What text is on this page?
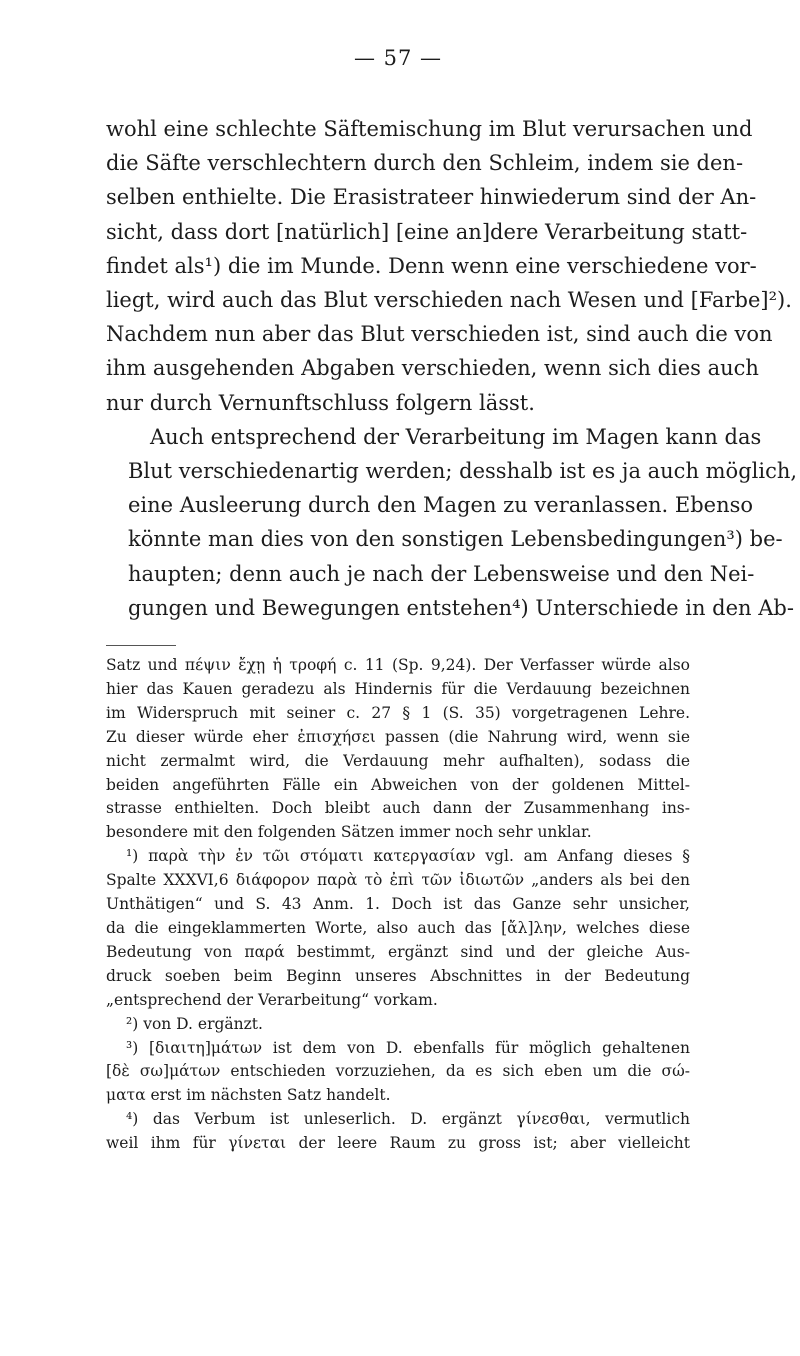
— 57 —

wohl eine schlechte Säftemischung im Blut verursachen und
die Säfte verschlechtern durch den Schleim, indem sie den-
selben enthielte. Die Erasistrateer hinwiederum sind der An-
sicht, dass dort [natürlich] [eine an]dere Verarbeitung statt-
findet als¹) die im Munde. Denn wenn eine verschiedene vor-
liegt, wird auch das Blut verschieden nach Wesen und [Farbe]²).
Nachdem nun aber das Blut verschieden ist, sind auch die von
ihm ausgehenden Abgaben verschieden, wenn sich dies auch
nur durch Vernunftschluss folgern lässt.

Auch entsprechend der Verarbeitung im Magen kann das
Blut verschiedenartig werden; desshalb ist es ja auch möglich,
eine Ausleerung durch den Magen zu veranlassen. Ebenso
könnte man dies von den sonstigen Lebensbedingungen³) be-
haupten; denn auch je nach der Lebensweise und den Nei-
gungen und Bewegungen entstehen⁴) Unterschiede in den Ab-

Satz und πέψιν ἔχῃ ἡ τροφή c. 11 (Sp. 9,24). Der Verfasser würde also
hier das Kauen geradezu als Hindernis für die Verdauung bezeichnen
im Widerspruch mit seiner c. 27 § 1 (S. 35) vorgetragenen Lehre.
Zu dieser würde eher ἐπισχήσει passen (die Nahrung wird, wenn sie
nicht zermalmt wird, die Verdauung mehr aufhalten), sodass die
beiden angeführten Fälle ein Abweichen von der goldenen Mittel-
strasse enthielten. Doch bleibt auch dann der Zusammenhang ins-
besondere mit den folgenden Sätzen immer noch sehr unklar.

¹) παρὰ τὴν ἐν τῶι στόματι κατεργασίαν vgl. am Anfang dieses §
Spalte XXXVI,6 διάφορον παρὰ τὸ ἐπὶ τῶν ἰδιωτῶν „anders als bei den
Unthätigen“ und S. 43 Anm. 1. Doch ist das Ganze sehr unsicher,
da die eingeklammerten Worte, also auch das [ἄλ]λην, welches diese
Bedeutung von παρά bestimmt, ergänzt sind und der gleiche Aus-
druck soeben beim Beginn unseres Abschnittes in der Bedeutung
„entsprechend der Verarbeitung“ vorkam.

²) von D. ergänzt.

³) [διαιτη]μάτων ist dem von D. ebenfalls für möglich gehaltenen
[δὲ σω]μάτων entschieden vorzuziehen, da es sich eben um die σώ-
ματα erst im nächsten Satz handelt.

⁴) das Verbum ist unleserlich. D. ergänzt γίνεσθαι, vermutlich
weil ihm für γίνεται der leere Raum zu gross ist; aber vielleicht
